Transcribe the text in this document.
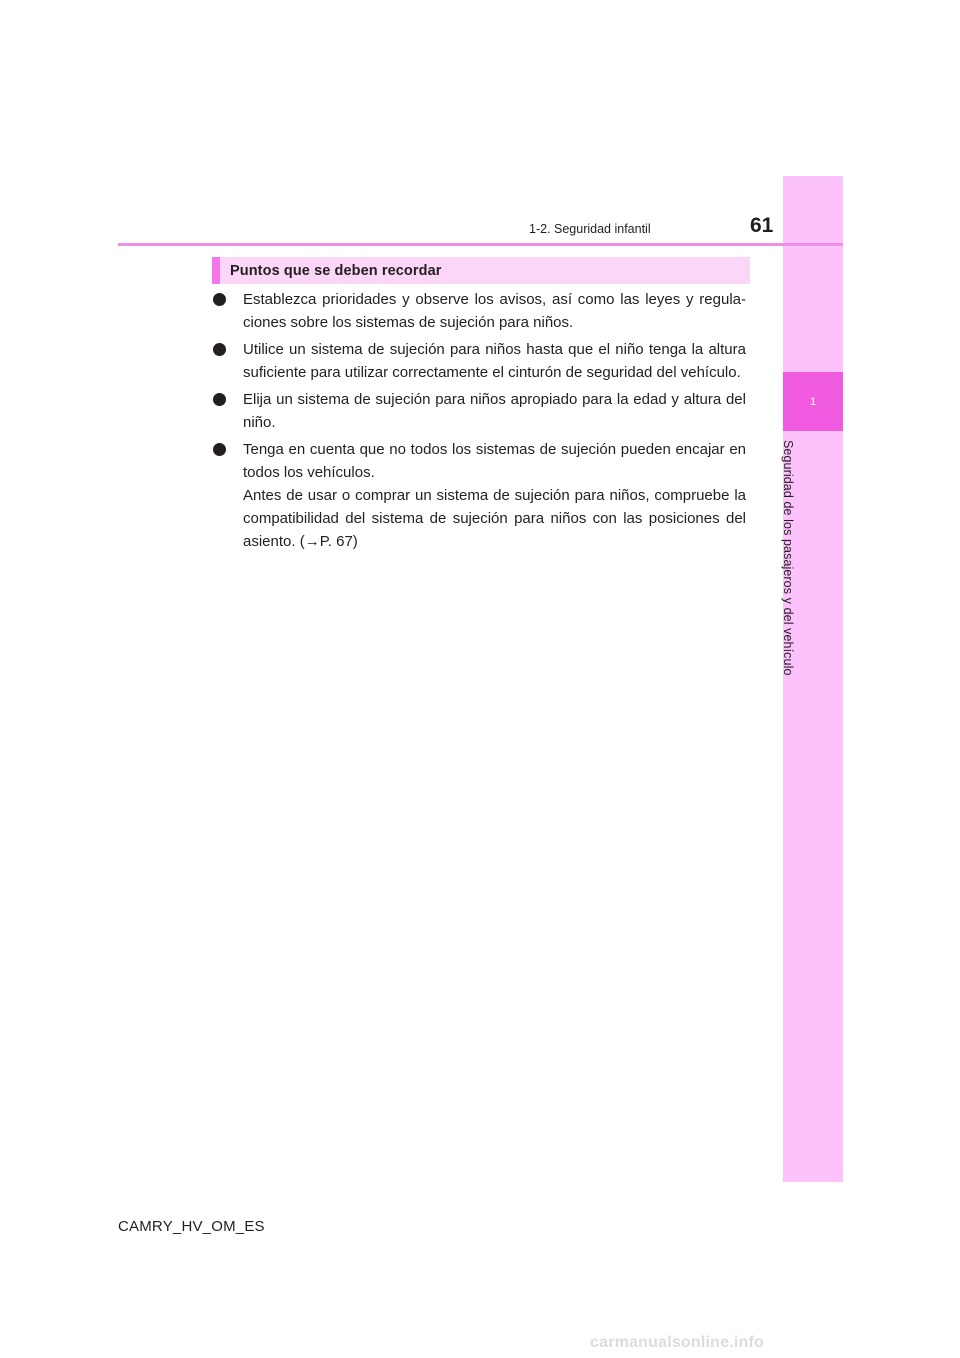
1
Seguridad de los pasajeros y del vehículo
1-2. Seguridad infantil	61
Puntos que se deben recordar

Establezca prioridades y observe los avisos, así como las leyes y regulaciones sobre los sistemas de sujeción para niños.

Utilice un sistema de sujeción para niños hasta que el niño tenga la altura suficiente para utilizar correctamente el cinturón de seguridad del vehículo.

Elija un sistema de sujeción para niños apropiado para la edad y altura del niño.

Tenga en cuenta que no todos los sistemas de sujeción pueden encajar en todos los vehículos.

Antes de usar o comprar un sistema de sujeción para niños, compruebe la compatibilidad del sistema de sujeción para niños con las posiciones del asiento. (→P. 67)

CAMRY_HV_OM_ES
carmanualsonline.info
